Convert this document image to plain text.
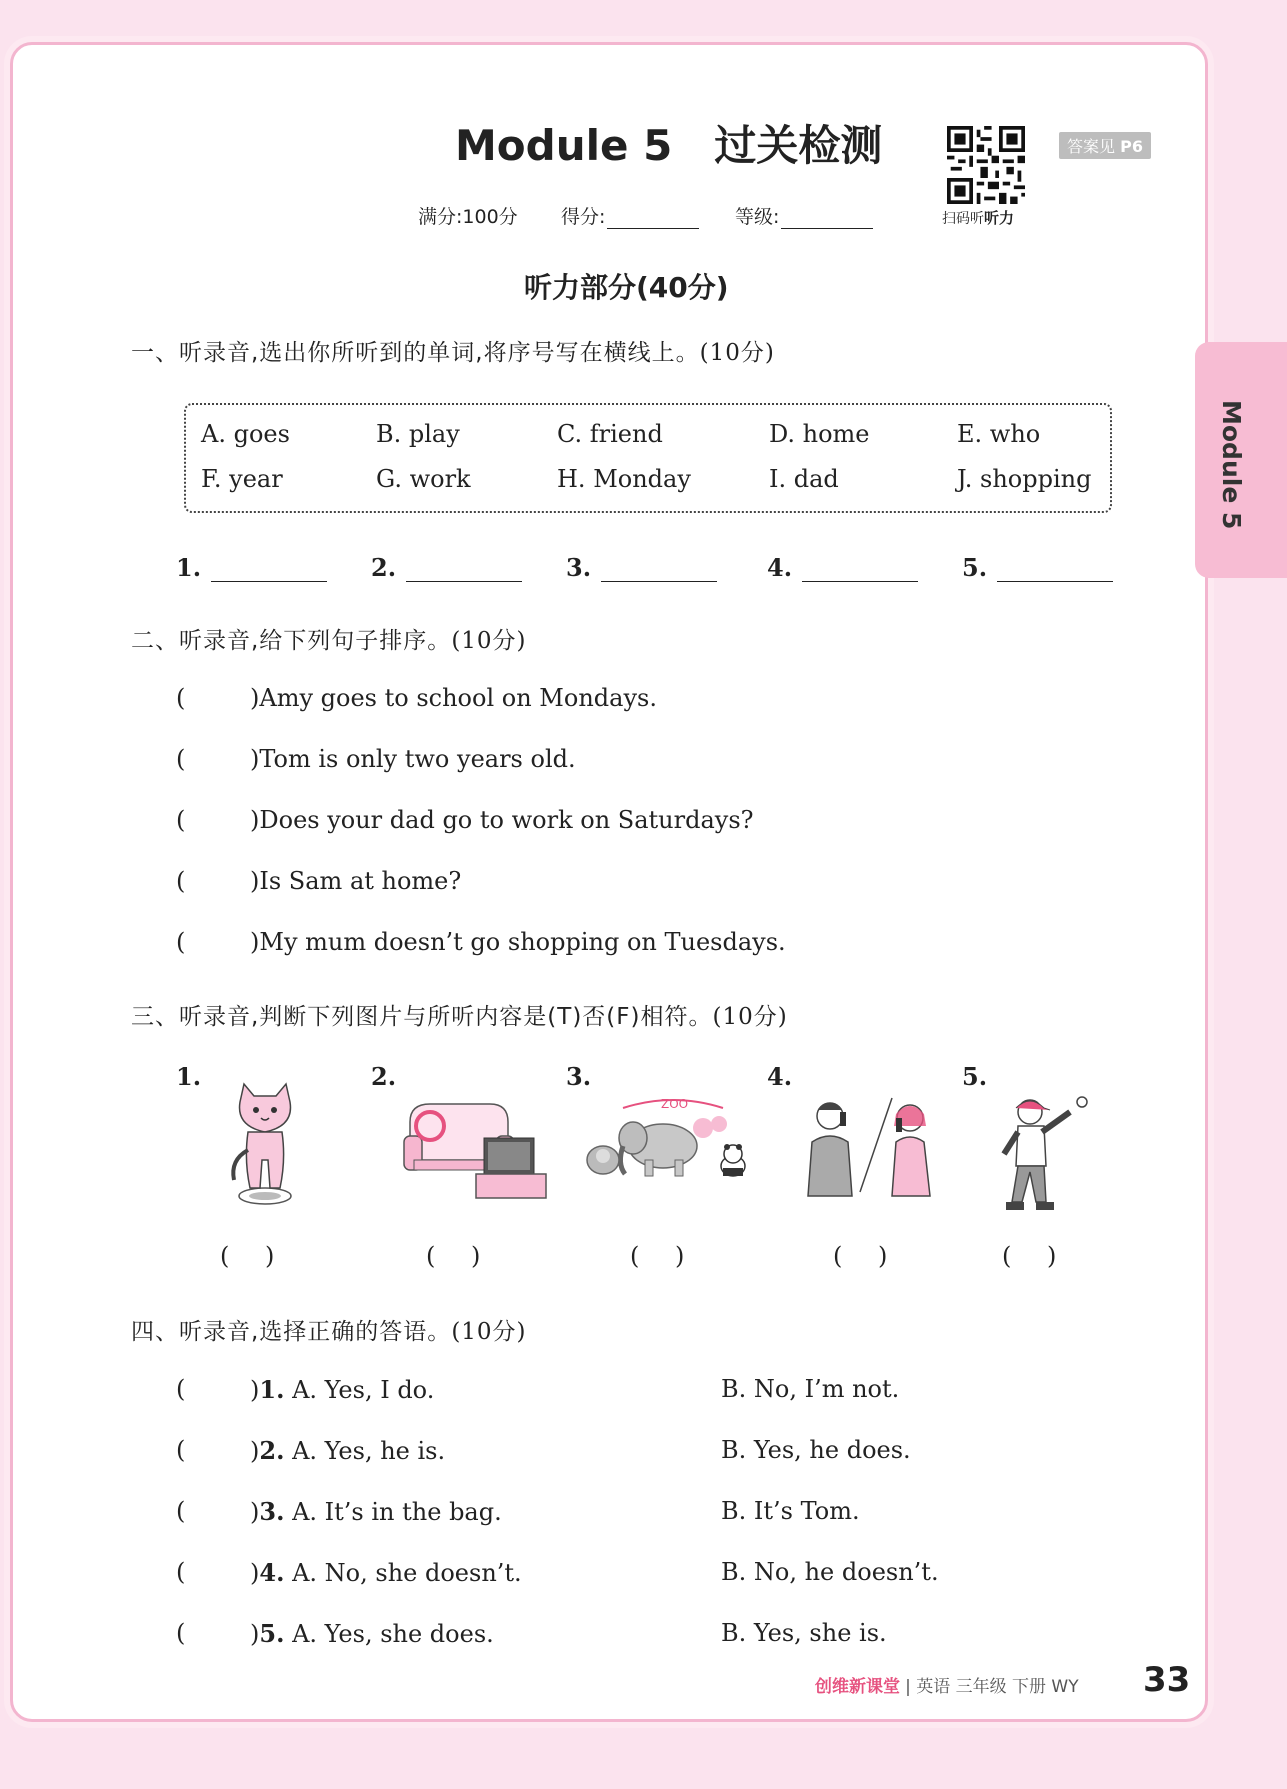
Module 5 过关检测
扫码听听力
答案见 P6
满分:100分 得分:	等级:
听力部分(40分)
Module 5
一、听录音,选出你所听到的单词,将序号写在横线上。(10分)
A. goes	B. play	C. friend	D. home	E. who
F. year	G. work	H. Monday	I. dad	J. shopping
1.	2.	3.	4.	5.
二、听录音,给下列句子排序。(10分)
(	)Amy goes to school on Mondays.
(	)Tom is only two years old.
(	)Does your dad go to work on Saturdays?
(	)Is Sam at home?
(	)My mum doesn’t go shopping on Tuesdays.
三、听录音,判断下列图片与所听内容是(T)否(F)相符。(10分)
1.	2.	3.	4.	5.
ZOO
( )	( )	( )	( )	( )
四、听录音,选择正确的答语。(10分)
(	)1. A. Yes, I do.	B. No, I’m not.
(	)2. A. Yes, he is.	B. Yes, he does.
(	)3. A. It’s in the bag.	B. It’s Tom.
(	)4. A. No, she doesn’t.	B. No, he doesn’t.
(	)5. A. Yes, she does.	B. Yes, she is.
创维新课堂 | 英语 三年级 下册 WY 33
